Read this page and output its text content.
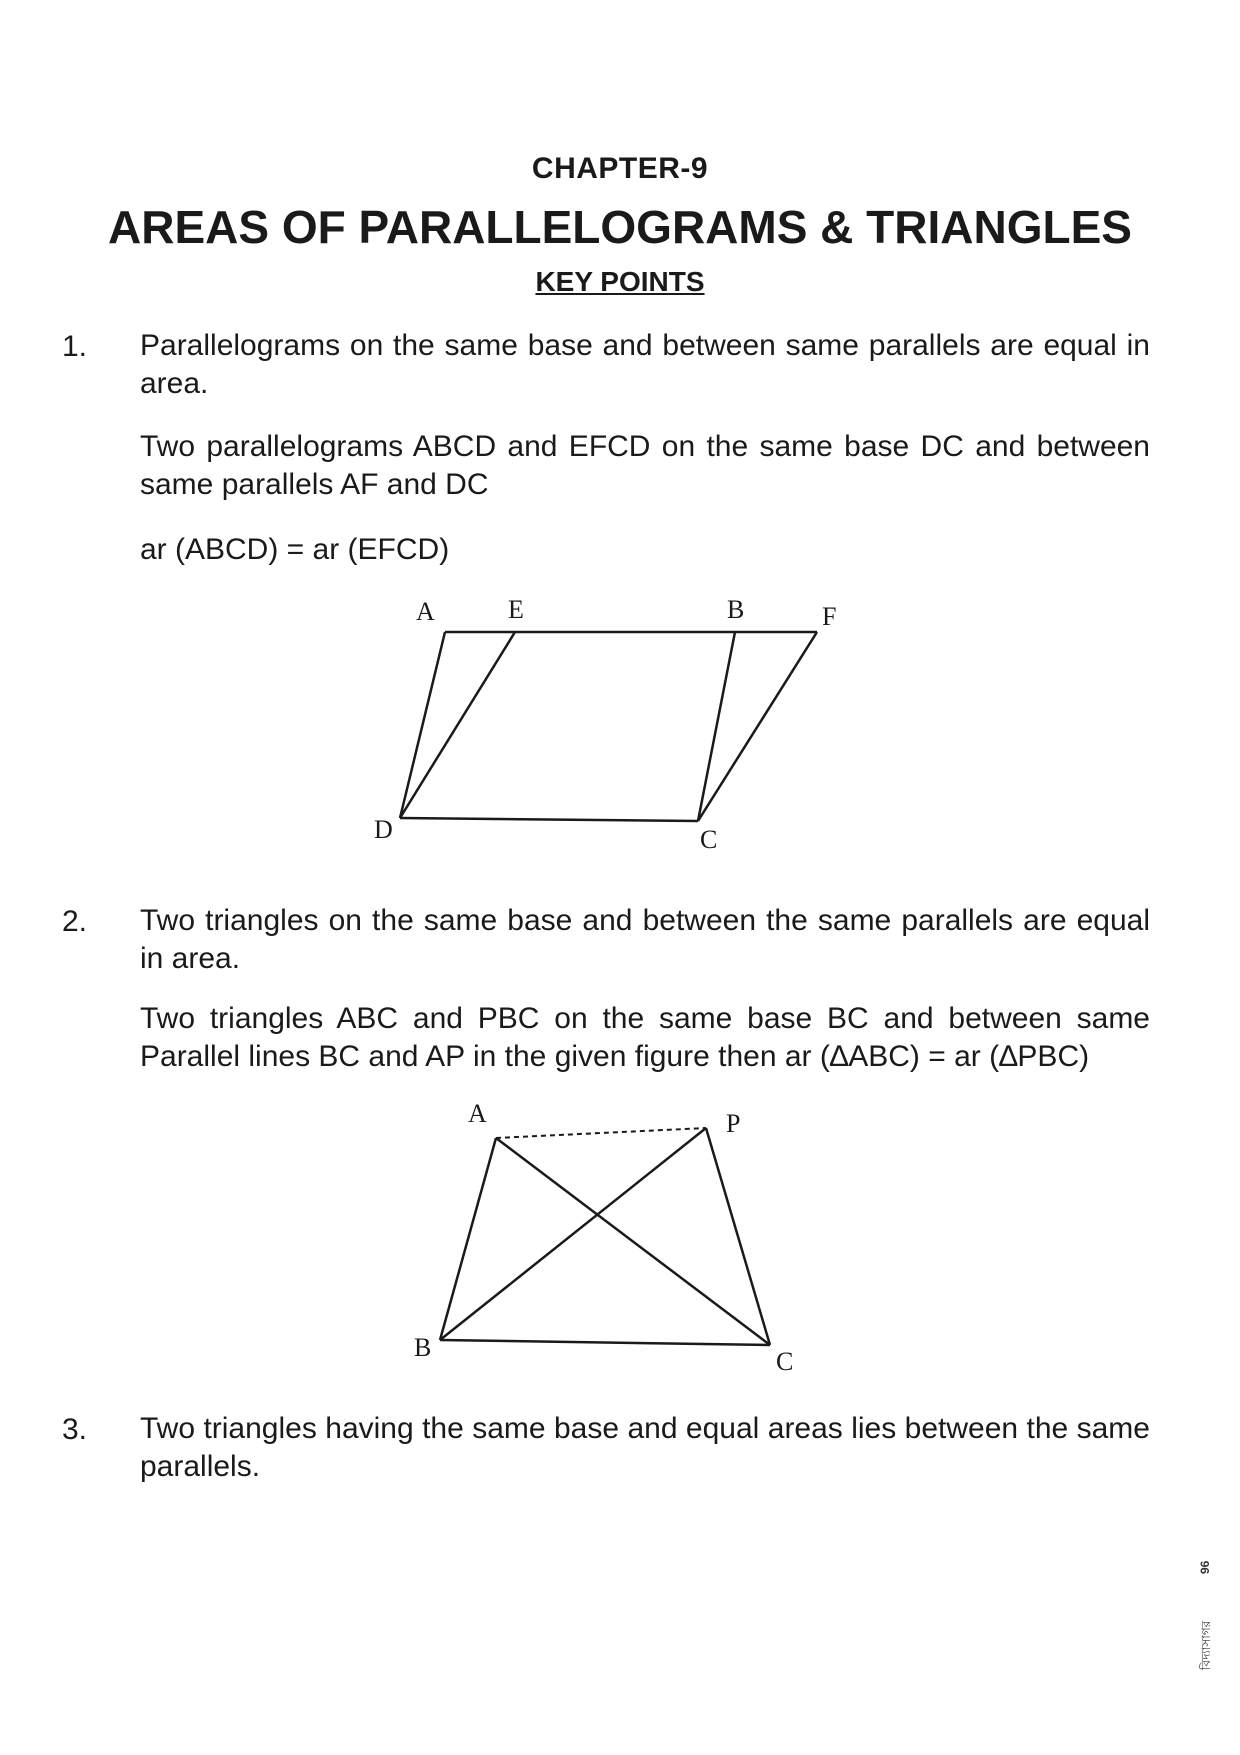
CHAPTER-9
AREAS OF PARALLELOGRAMS & TRIANGLES
KEY POINTS
1. Parallelograms on the same base and between same parallels are equal in area.
Two parallelograms ABCD and EFCD on the same base DC and between same parallels AF and DC
ar (ABCD) = ar (EFCD)
A	E	B	F
D	C
2. Two triangles on the same base and between the same parallels are equal in area.
Two triangles ABC and PBC on the same base BC and between same Parallel lines BC and AP in the given figure then ar (∆ABC) = ar (∆PBC)
A	P
B	C
3. Two triangles having the same base and equal areas lies between the same parallels.
96
বিদ্যাসাগর
